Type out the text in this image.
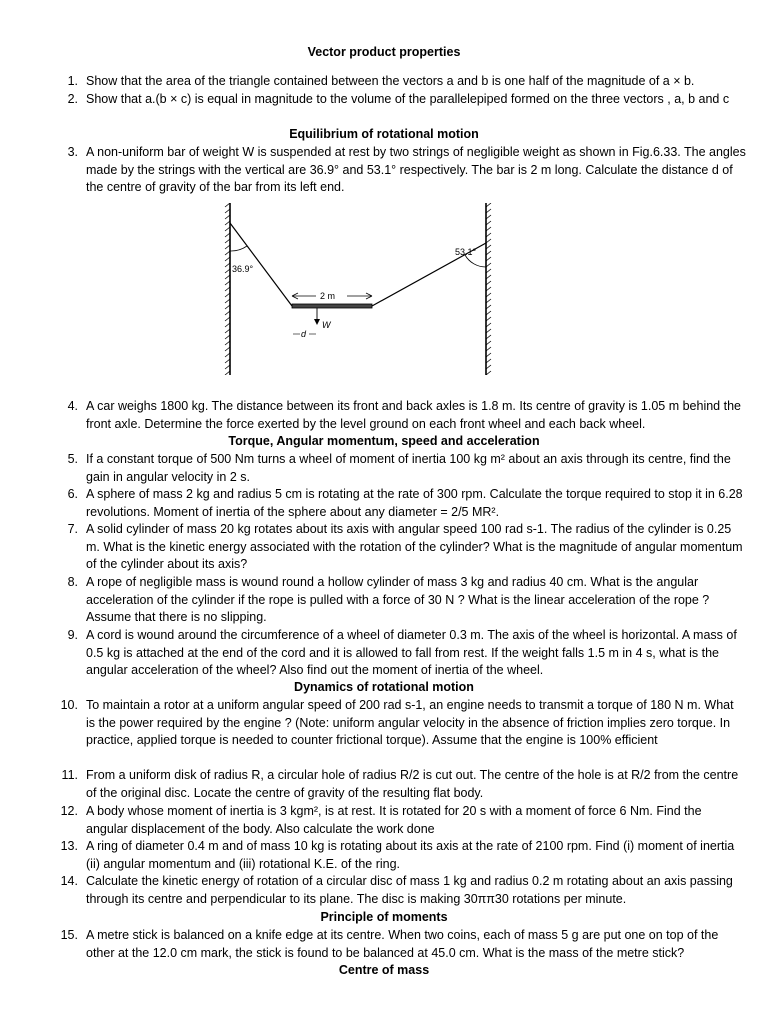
Vector product properties
1. Show that the area of the triangle contained between the vectors a and b is one half of the magnitude of a × b.
2. Show that a.(b × c) is equal in magnitude to the volume of the parallelepiped formed on the three vectors , a, b and c
Equilibrium of rotational motion
3. A non-uniform bar of weight W is suspended at rest by two strings of negligible weight as shown in Fig.6.33. The angles made by the strings with the vertical are 36.9° and 53.1° respectively. The bar is 2 m long. Calculate the distance d of the centre of gravity of the bar from its left end.
36.9°
53.1°
2 m
W
d
4. A car weighs 1800 kg. The distance between its front and back axles is 1.8 m. Its centre of gravity is 1.05 m behind the front axle. Determine the force exerted by the level ground on each front wheel and each back wheel.
Torque, Angular momentum, speed and acceleration
5. If a constant torque of 500 Nm turns a wheel of moment of inertia 100 kg m² about an axis through its centre, find the gain in angular velocity in 2 s.
6. A sphere of mass 2 kg and radius 5 cm is rotating at the rate of 300 rpm. Calculate the torque required to stop it in 6.28 revolutions. Moment of inertia of the sphere about any diameter = 2/5 MR².
7. A solid cylinder of mass 20 kg rotates about its axis with angular speed 100 rad s-1. The radius of the cylinder is 0.25 m. What is the kinetic energy associated with the rotation of the cylinder? What is the magnitude of angular momentum of the cylinder about its axis?
8. A rope of negligible mass is wound round a hollow cylinder of mass 3 kg and radius 40 cm. What is the angular acceleration of the cylinder if the rope is pulled with a force of 30 N ? What is the linear acceleration of the rope ? Assume that there is no slipping.
9. A cord is wound around the circumference of a wheel of diameter 0.3 m. The axis of the wheel is horizontal. A mass of 0.5 kg is attached at the end of the cord and it is allowed to fall from rest. If the weight falls 1.5 m in 4 s, what is the angular acceleration of the wheel? Also find out the moment of inertia of the wheel.
Dynamics of rotational motion
10. To maintain a rotor at a uniform angular speed of 200 rad s-1, an engine needs to transmit a torque of 180 N m. What is the power required by the engine ? (Note: uniform angular velocity in the absence of friction implies zero torque. In practice, applied torque is needed to counter frictional torque). Assume that the engine is 100% efficient
11. From a uniform disk of radius R, a circular hole of radius R/2 is cut out. The centre of the hole is at R/2 from the centre of the original disc. Locate the centre of gravity of the resulting flat body.
12. A body whose moment of inertia is 3 kgm², is at rest. It is rotated for 20 s with a moment of force 6 Nm. Find the angular displacement of the body. Also calculate the work done
13. A ring of diameter 0.4 m and of mass 10 kg is rotating about its axis at the rate of 2100 rpm. Find (i) moment of inertia (ii) angular momentum and (iii) rotational K.E. of the ring.
14. Calculate the kinetic energy of rotation of a circular disc of mass 1 kg and radius 0.2 m rotating about an axis passing through its centre and perpendicular to its plane. The disc is making 30ππ30 rotations per minute.
Principle of moments
15. A metre stick is balanced on a knife edge at its centre. When two coins, each of mass 5 g are put one on top of the other at the 12.0 cm mark, the stick is found to be balanced at 45.0 cm. What is the mass of the metre stick?
Centre of mass
